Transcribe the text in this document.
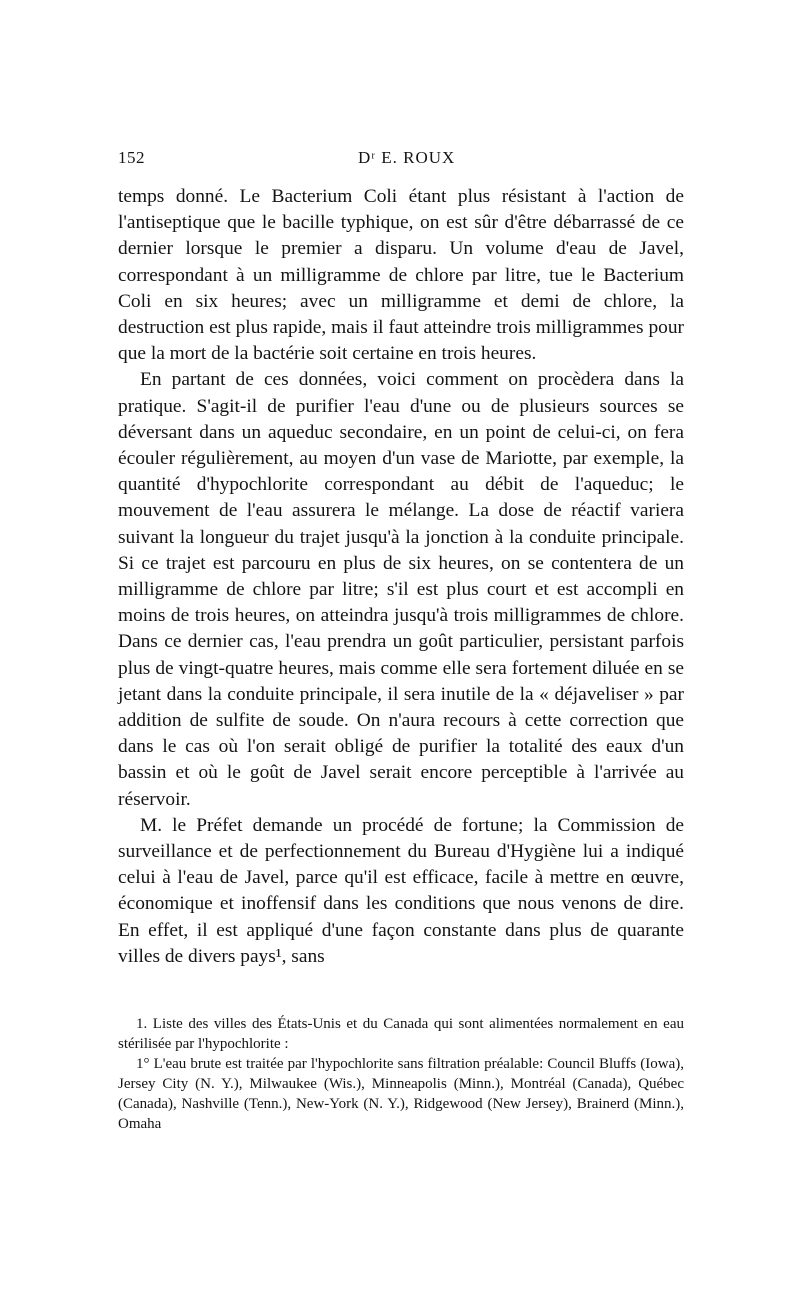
152	Dʳ E. ROUX

temps donné. Le Bacterium Coli étant plus résistant à l'action de l'antiseptique que le bacille typhique, on est sûr d'être débarrassé de ce dernier lorsque le premier a disparu. Un volume d'eau de Javel, correspondant à un milligramme de chlore par litre, tue le Bacterium Coli en six heures; avec un milligramme et demi de chlore, la destruction est plus rapide, mais il faut atteindre trois milligrammes pour que la mort de la bactérie soit certaine en trois heures.

En partant de ces données, voici comment on procèdera dans la pratique. S'agit-il de purifier l'eau d'une ou de plusieurs sources se déversant dans un aqueduc secondaire, en un point de celui-ci, on fera écouler régulièrement, au moyen d'un vase de Mariotte, par exemple, la quantité d'hypochlorite correspondant au débit de l'aqueduc; le mouvement de l'eau assurera le mélange. La dose de réactif variera suivant la longueur du trajet jusqu'à la jonction à la conduite principale. Si ce trajet est parcouru en plus de six heures, on se contentera de un milligramme de chlore par litre; s'il est plus court et est accompli en moins de trois heures, on atteindra jusqu'à trois milligrammes de chlore. Dans ce dernier cas, l'eau prendra un goût particulier, persistant parfois plus de vingt-quatre heures, mais comme elle sera fortement diluée en se jetant dans la conduite principale, il sera inutile de la « déjaveliser » par addition de sulfite de soude. On n'aura recours à cette correction que dans le cas où l'on serait obligé de purifier la totalité des eaux d'un bassin et où le goût de Javel serait encore perceptible à l'arrivée au réservoir.

M. le Préfet demande un procédé de fortune; la Commission de surveillance et de perfectionnement du Bureau d'Hygiène lui a indiqué celui à l'eau de Javel, parce qu'il est efficace, facile à mettre en œuvre, économique et inoffensif dans les conditions que nous venons de dire. En effet, il est appliqué d'une façon constante dans plus de quarante villes de divers pays¹, sans

1. Liste des villes des États-Unis et du Canada qui sont alimentées normalement en eau stérilisée par l'hypochlorite :

1° L'eau brute est traitée par l'hypochlorite sans filtration préalable: Council Bluffs (Iowa), Jersey City (N. Y.), Milwaukee (Wis.), Minneapolis (Minn.), Montréal (Canada), Québec (Canada), Nashville (Tenn.), New-York (N. Y.), Ridgewood (New Jersey), Brainerd (Minn.), Omaha
